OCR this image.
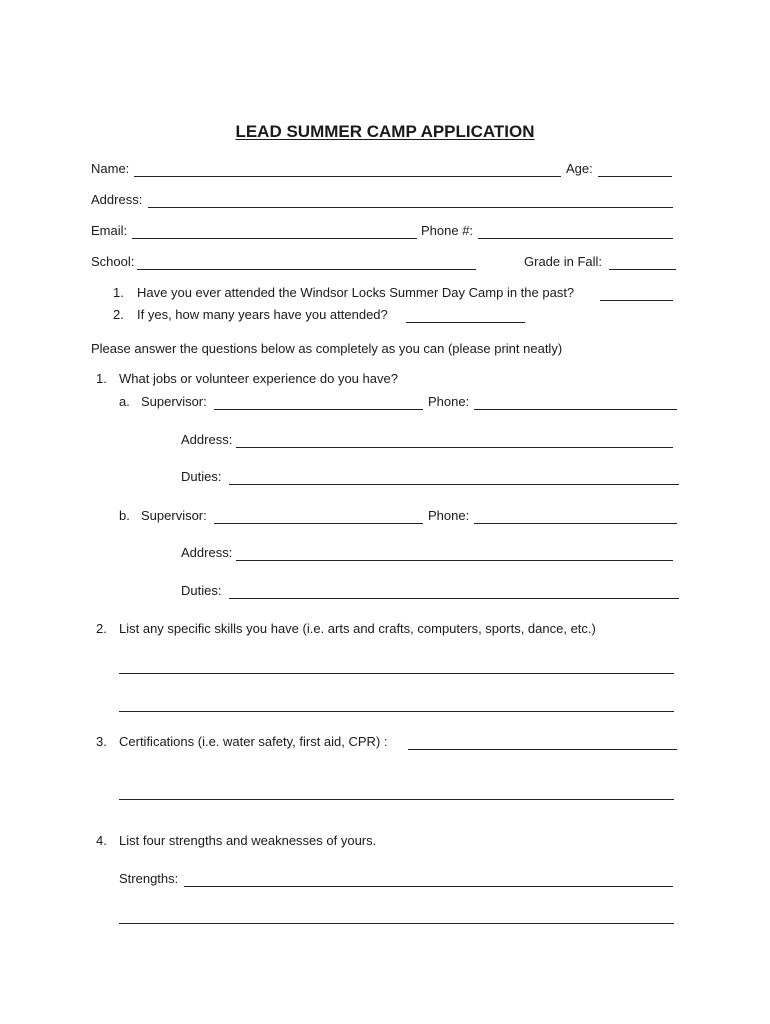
LEAD SUMMER CAMP APPLICATION
Name:	Age:
Address:
Email:	Phone #:
School:	Grade in Fall:
1. Have you ever attended the Windsor Locks Summer Day Camp in the past?
2. If yes, how many years have you attended?
Please answer the questions below as completely as you can (please print neatly)
1. What jobs or volunteer experience do you have?
a. Supervisor:	Phone:
Address:
Duties:
b. Supervisor:	Phone:
Address:
Duties:
2. List any specific skills you have (i.e. arts and crafts, computers, sports, dance, etc.)
3. Certifications (i.e. water safety, first aid, CPR) :
4. List four strengths and weaknesses of yours.
Strengths:
